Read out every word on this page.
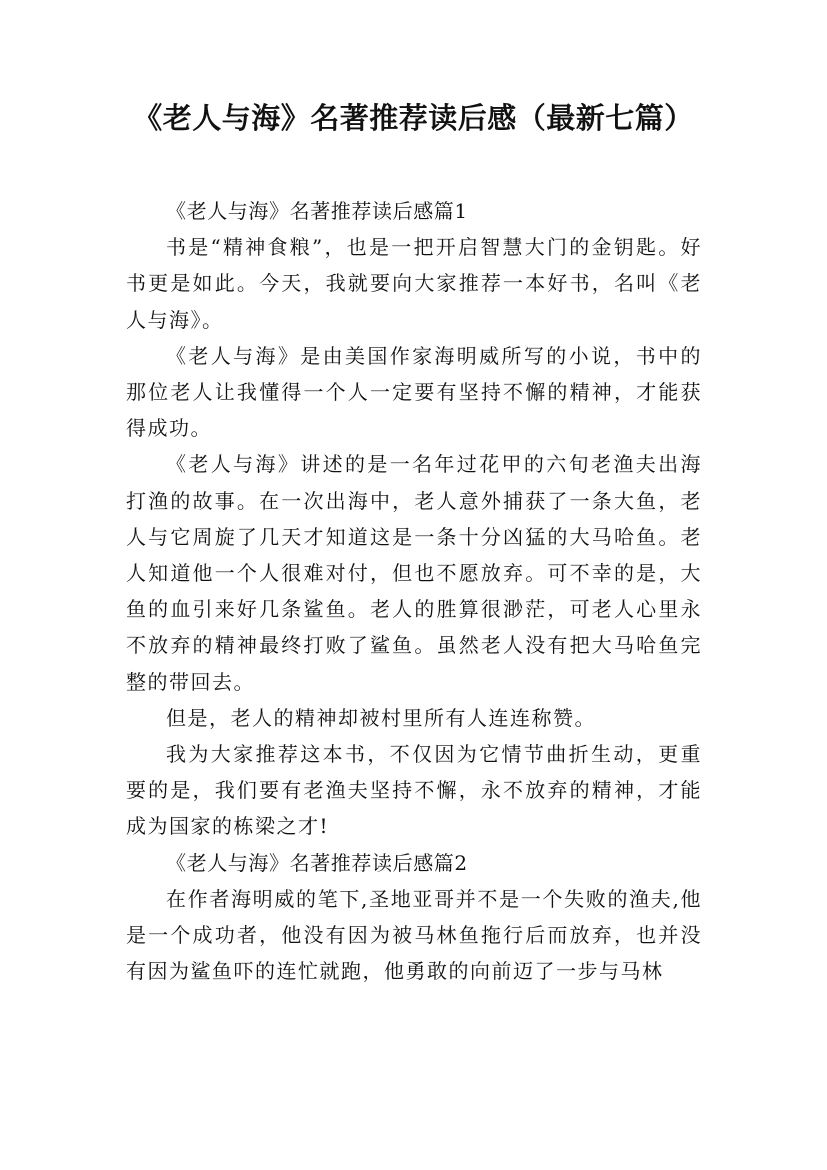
《老人与海》名著推荐读后感（最新七篇）

《老人与海》名著推荐读后感篇1

书是“精神食粮”，也是一把开启智慧大门的金钥匙。好书更是如此。今天，我就要向大家推荐一本好书，名叫《老人与海》。

《老人与海》是由美国作家海明威所写的小说，书中的那位老人让我懂得一个人一定要有坚持不懈的精神，才能获得成功。

《老人与海》讲述的是一名年过花甲的六旬老渔夫出海打渔的故事。在一次出海中，老人意外捕获了一条大鱼，老人与它周旋了几天才知道这是一条十分凶猛的大马哈鱼。老人知道他一个人很难对付，但也不愿放弃。可不幸的是，大鱼的血引来好几条鲨鱼。老人的胜算很渺茫，可老人心里永不放弃的精神最终打败了鲨鱼。虽然老人没有把大马哈鱼完整的带回去。

但是，老人的精神却被村里所有人连连称赞。

我为大家推荐这本书，不仅因为它情节曲折生动，更重要的是，我们要有老渔夫坚持不懈，永不放弃的精神，才能成为国家的栋梁之才!

《老人与海》名著推荐读后感篇2

在作者海明威的笔下,圣地亚哥并不是一个失败的渔夫,他是一个成功者，他没有因为被马林鱼拖行后而放弃，也并没有因为鲨鱼吓的连忙就跑，他勇敢的向前迈了一步与马林
